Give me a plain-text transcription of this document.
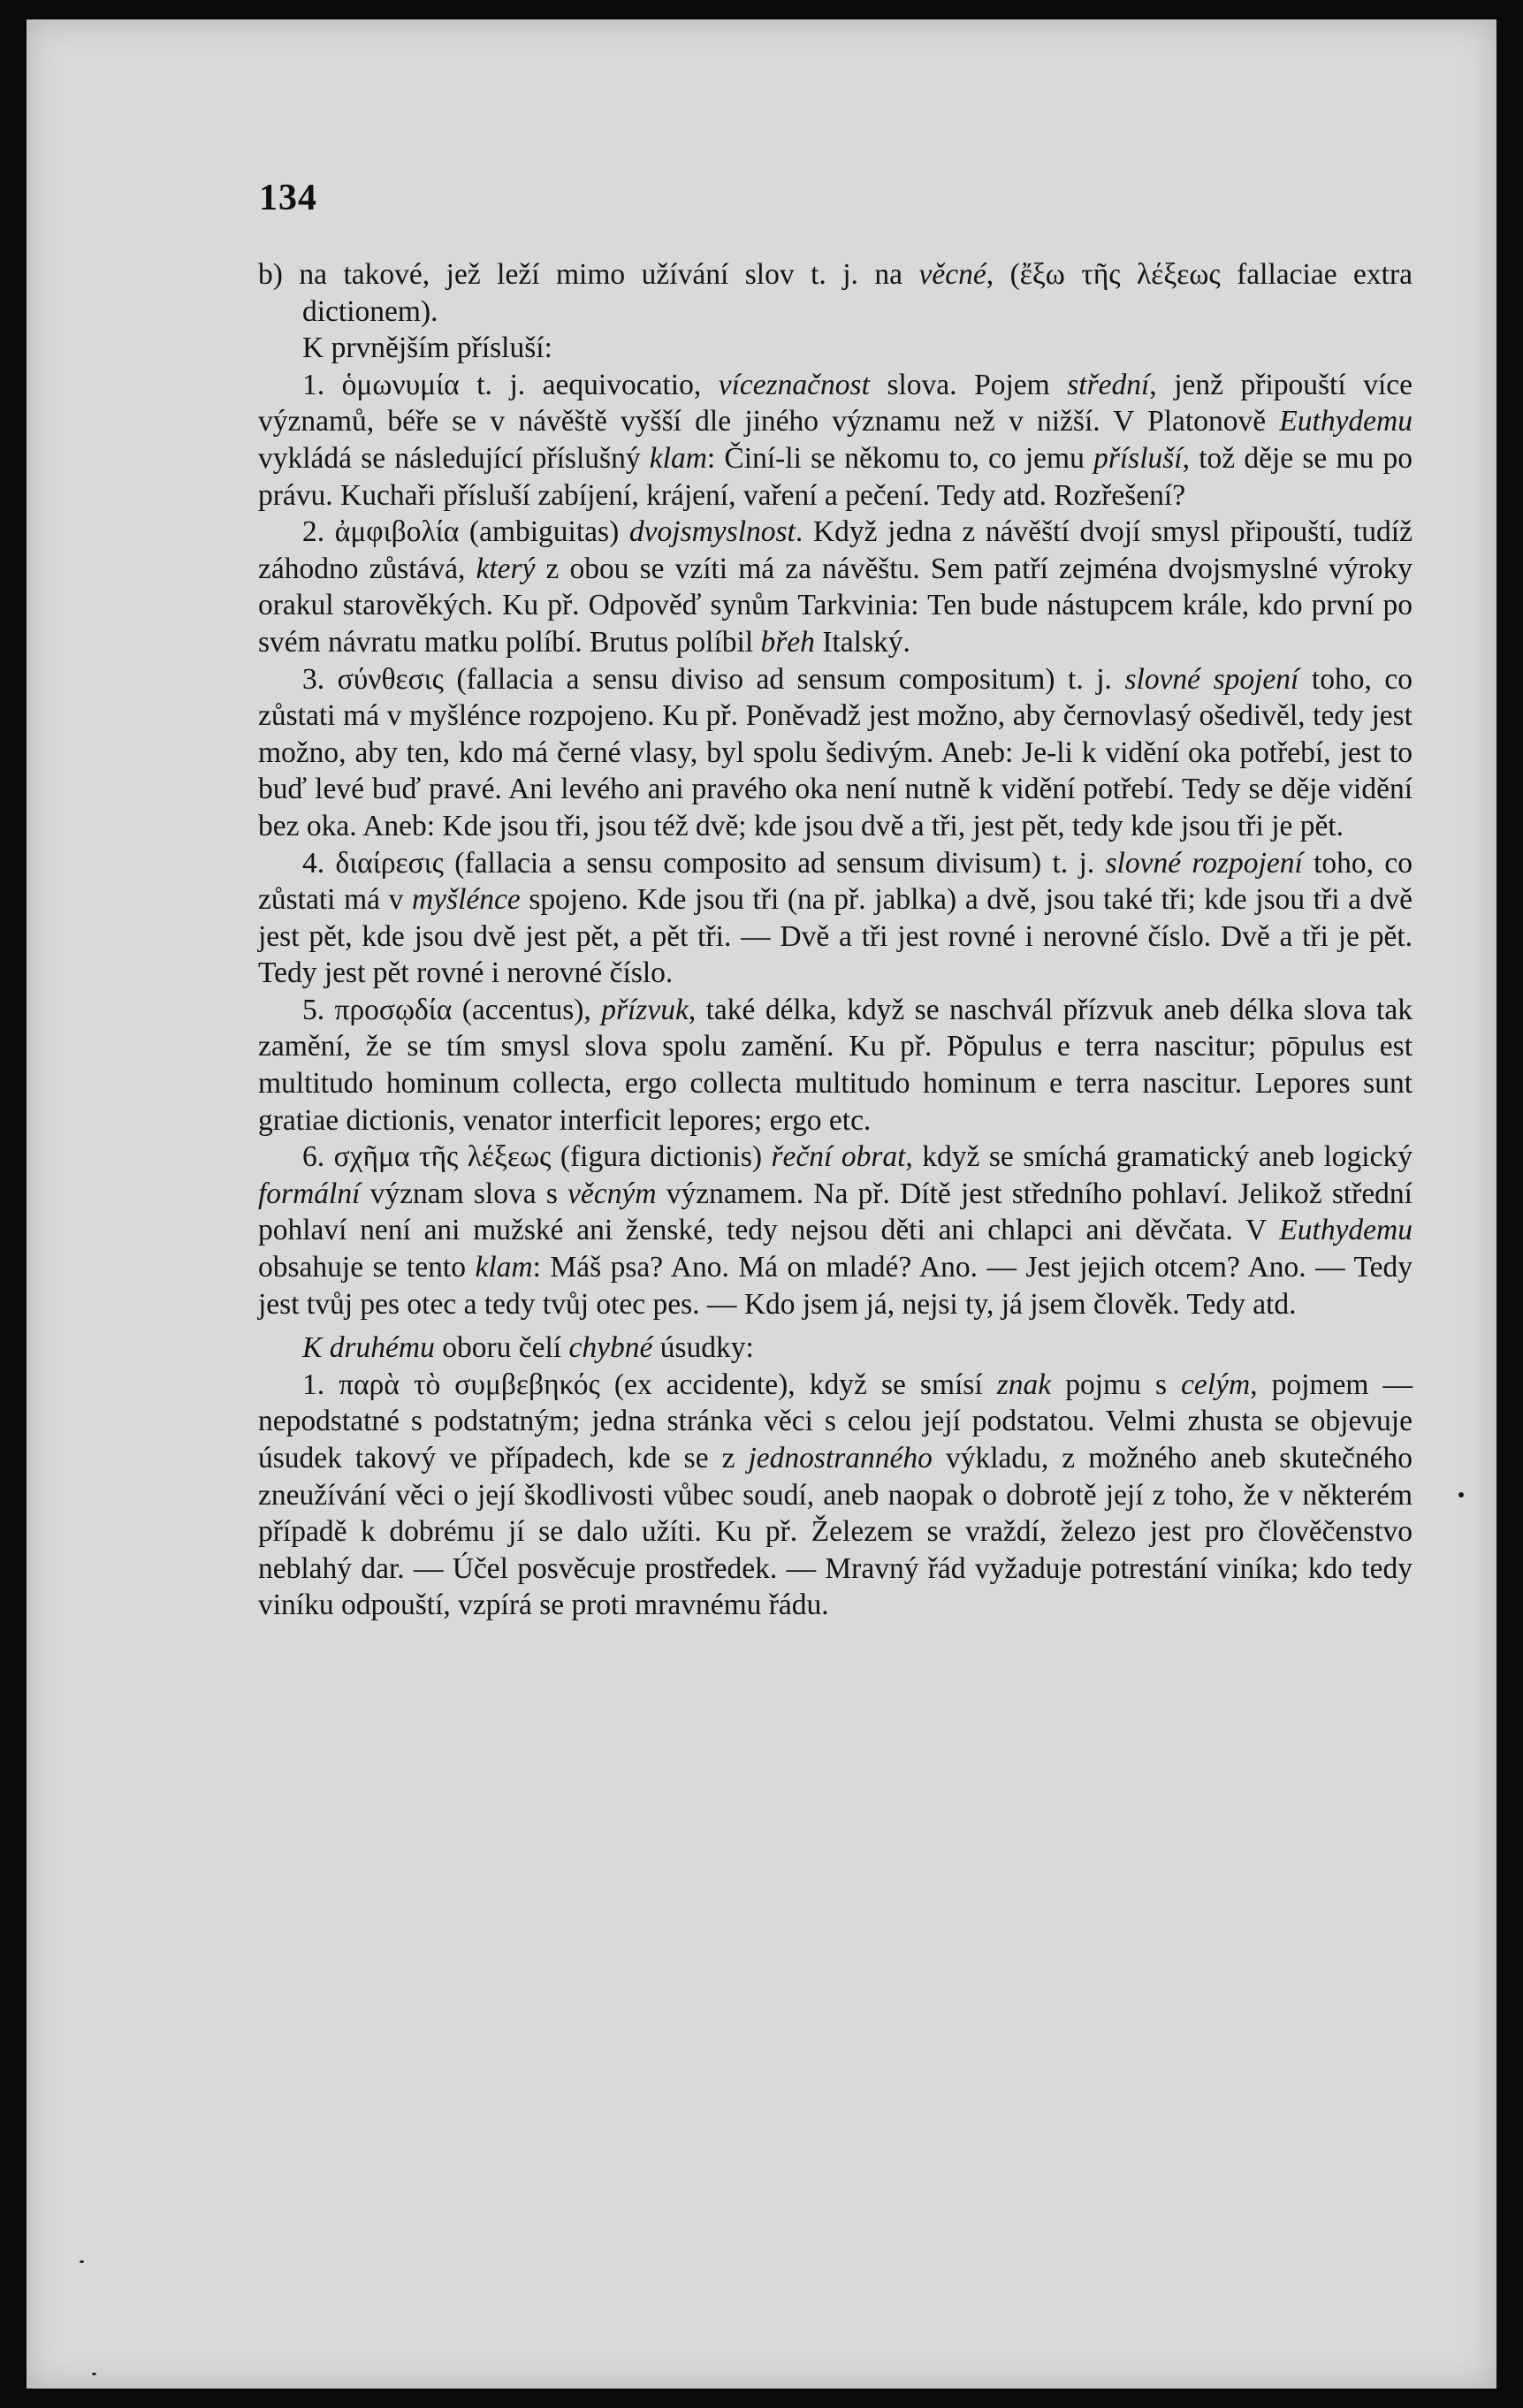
134

b) na takové, jež leží mimo užívání slov t. j. na věcné, (ἔξω τῆς λέξεως fallaciae extra dictionem).

K prvnějším přísluší:

1. ὁμωνυμία t. j. aequivocatio, víceznačnost slova. Pojem střední, jenž připouští více významů, béře se v návěště vyšší dle jiného významu než v nižší. V Platonově Euthydemu vykládá se následující příslušný klam: Činí-li se někomu to, co jemu přísluší, tož děje se mu po právu. Kuchaři přísluší zabíjení, krájení, vaření a pečení. Tedy atd. Rozřešení?

2. ἀμφιβολία (ambiguitas) dvojsmyslnost. Když jedna z návěští dvojí smysl připouští, tudíž záhodno zůstává, který z obou se vzíti má za návěštu. Sem patří zejména dvojsmyslné výroky orakul starověkých. Ku př. Odpověď synům Tarkvinia: Ten bude nástupcem krále, kdo první po svém návratu matku políbí. Brutus políbil břeh Italský.

3. σύνθεσις (fallacia a sensu diviso ad sensum compositum) t. j. slovné spojení toho, co zůstati má v myšlénce rozpojeno. Ku př. Poněvadž jest možno, aby černovlasý ošedivěl, tedy jest možno, aby ten, kdo má černé vlasy, byl spolu šedivým. Aneb: Je-li k vidění oka potřebí, jest to buď levé buď pravé. Ani levého ani pravého oka není nutně k vidění potřebí. Tedy se děje vidění bez oka. Aneb: Kde jsou tři, jsou též dvě; kde jsou dvě a tři, jest pět, tedy kde jsou tři je pět.

4. διαίρεσις (fallacia a sensu composito ad sensum divisum) t. j. slovné rozpojení toho, co zůstati má v myšlénce spojeno. Kde jsou tři (na př. jablka) a dvě, jsou také tři; kde jsou tři a dvě jest pět, kde jsou dvě jest pět, a pět tři. — Dvě a tři jest rovné i nerovné číslo. Dvě a tři je pět. Tedy jest pět rovné i nerovné číslo.

5. προσῳδία (accentus), přízvuk, také délka, když se naschvál přízvuk aneb délka slova tak zamění, že se tím smysl slova spolu zamění. Ku př. Pŏpulus e terra nascitur; pōpulus est multitudo hominum collecta, ergo collecta multitudo hominum e terra nascitur. Lepores sunt gratiae dictionis, venator interficit lepores; ergo etc.

6. σχῆμα τῆς λέξεως (figura dictionis) řeční obrat, když se smíchá gramatický aneb logický formální význam slova s věcným významem. Na př. Dítě jest středního pohlaví. Jelikož střední pohlaví není ani mužské ani ženské, tedy nejsou děti ani chlapci ani děvčata. V Euthydemu obsahuje se tento klam: Máš psa? Ano. Má on mladé? Ano. — Jest jejich otcem? Ano. — Tedy jest tvůj pes otec a tedy tvůj otec pes. — Kdo jsem já, nejsi ty, já jsem člověk. Tedy atd.

K druhému oboru čelí chybné úsudky:

1. παρὰ τὸ συμβεβηκός (ex accidente), když se smísí znak pojmu s celým, pojmem — nepodstatné s podstatným; jedna stránka věci s celou její podstatou. Velmi zhusta se objevuje úsudek takový ve případech, kde se z jednostranného výkladu, z možného aneb skutečného zneužívání věci o její škodlivosti vůbec soudí, aneb naopak o dobrotě její z toho, že v některém případě k dobrému jí se dalo užíti. Ku př. Železem se vraždí, železo jest pro člověčenstvo neblahý dar. — Účel posvěcuje prostředek. — Mravný řád vyžaduje potrestání viníka; kdo tedy viníku odpouští, vzpírá se proti mravnému řádu.
